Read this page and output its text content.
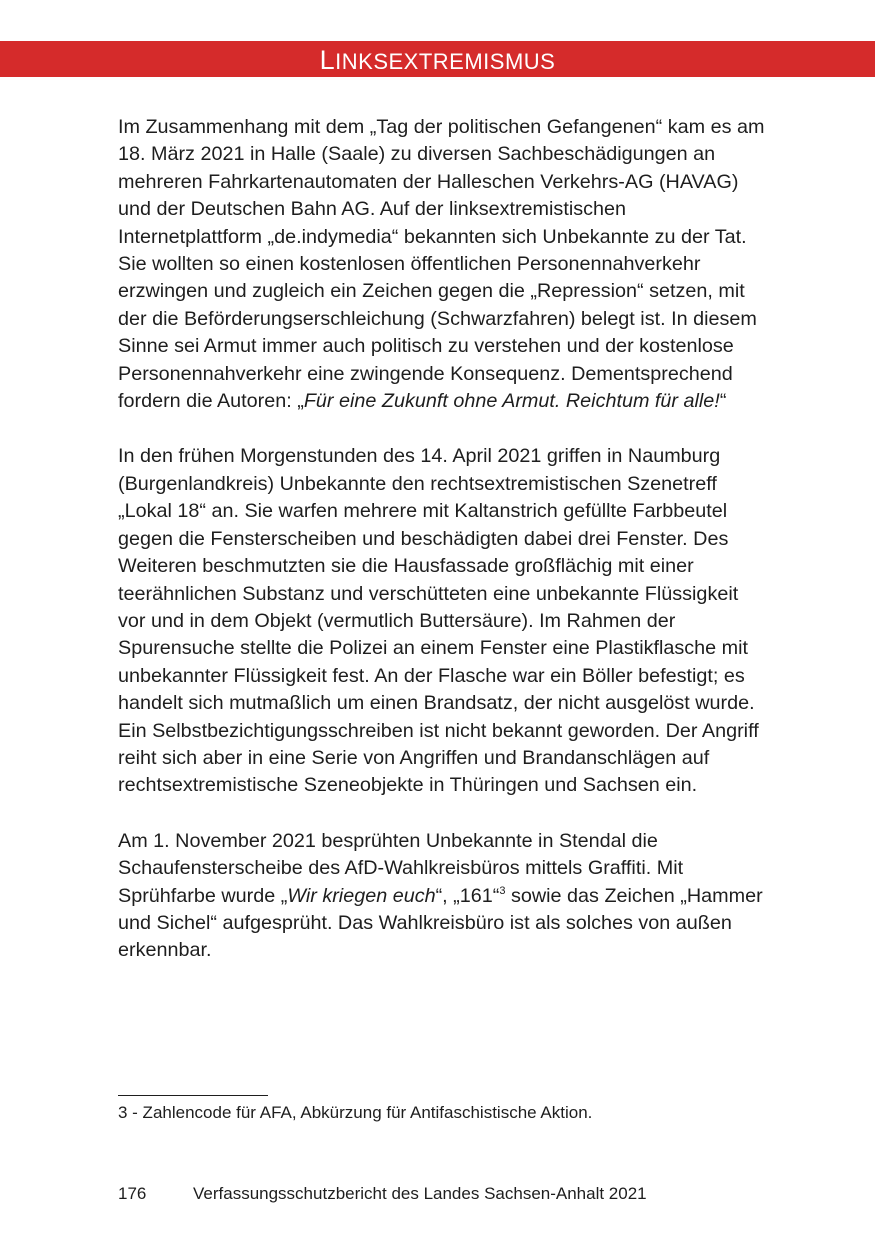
LINKSEXTREMISMUS

Im Zusammenhang mit dem „Tag der politischen Gefangenen“ kam es am 18. März 2021 in Halle (Saale) zu diversen Sachbeschädigungen an mehreren Fahrkartenautomaten der Halleschen Verkehrs-AG (HAVAG) und der Deutschen Bahn AG. Auf der linksextremistischen Internetplattform „de.indymedia“ bekannten sich Unbekannte zu der Tat. Sie wollten so einen kostenlosen öffentlichen Personennahverkehr erzwingen und zugleich ein Zeichen gegen die „Repression“ setzen, mit der die Beförderungserschleichung (Schwarzfahren) belegt ist. In diesem Sinne sei Armut immer auch politisch zu verstehen und der kostenlose Personennahverkehr eine zwingende Konsequenz. Dementsprechend fordern die Autoren: „Für eine Zukunft ohne Armut. Reichtum für alle!“

In den frühen Morgenstunden des 14. April 2021 griffen in Naumburg (Burgenlandkreis) Unbekannte den rechtsextremistischen Szenetreff „Lokal 18“ an. Sie warfen mehrere mit Kaltanstrich gefüllte Farbbeutel gegen die Fensterscheiben und beschädigten dabei drei Fenster. Des Weiteren beschmutzten sie die Hausfassade großflächig mit einer teerähnlichen Substanz und verschütteten eine unbekannte Flüssigkeit vor und in dem Objekt (vermutlich Buttersäure). Im Rahmen der Spurensuche stellte die Polizei an einem Fenster eine Plastikflasche mit unbekannter Flüssigkeit fest. An der Flasche war ein Böller befestigt; es handelt sich mutmaßlich um einen Brandsatz, der nicht ausgelöst wurde. Ein Selbstbezichtigungsschreiben ist nicht bekannt geworden. Der Angriff reiht sich aber in eine Serie von Angriffen und Brandanschlägen auf rechtsextremistische Szeneobjekte in Thüringen und Sachsen ein.

Am 1. November 2021 besprühten Unbekannte in Stendal die Schaufensterscheibe des AfD-Wahlkreisbüros mittels Graffiti. Mit Sprühfarbe wurde „Wir kriegen euch“, „161“$^3$ sowie das Zeichen „Hammer und Sichel“ aufgesprüht. Das Wahlkreisbüro ist als solches von außen erkennbar.

3 - Zahlencode für AFA, Abkürzung für Antifaschistische Aktion.
176	Verfassungsschutzbericht des Landes Sachsen-Anhalt 2021
